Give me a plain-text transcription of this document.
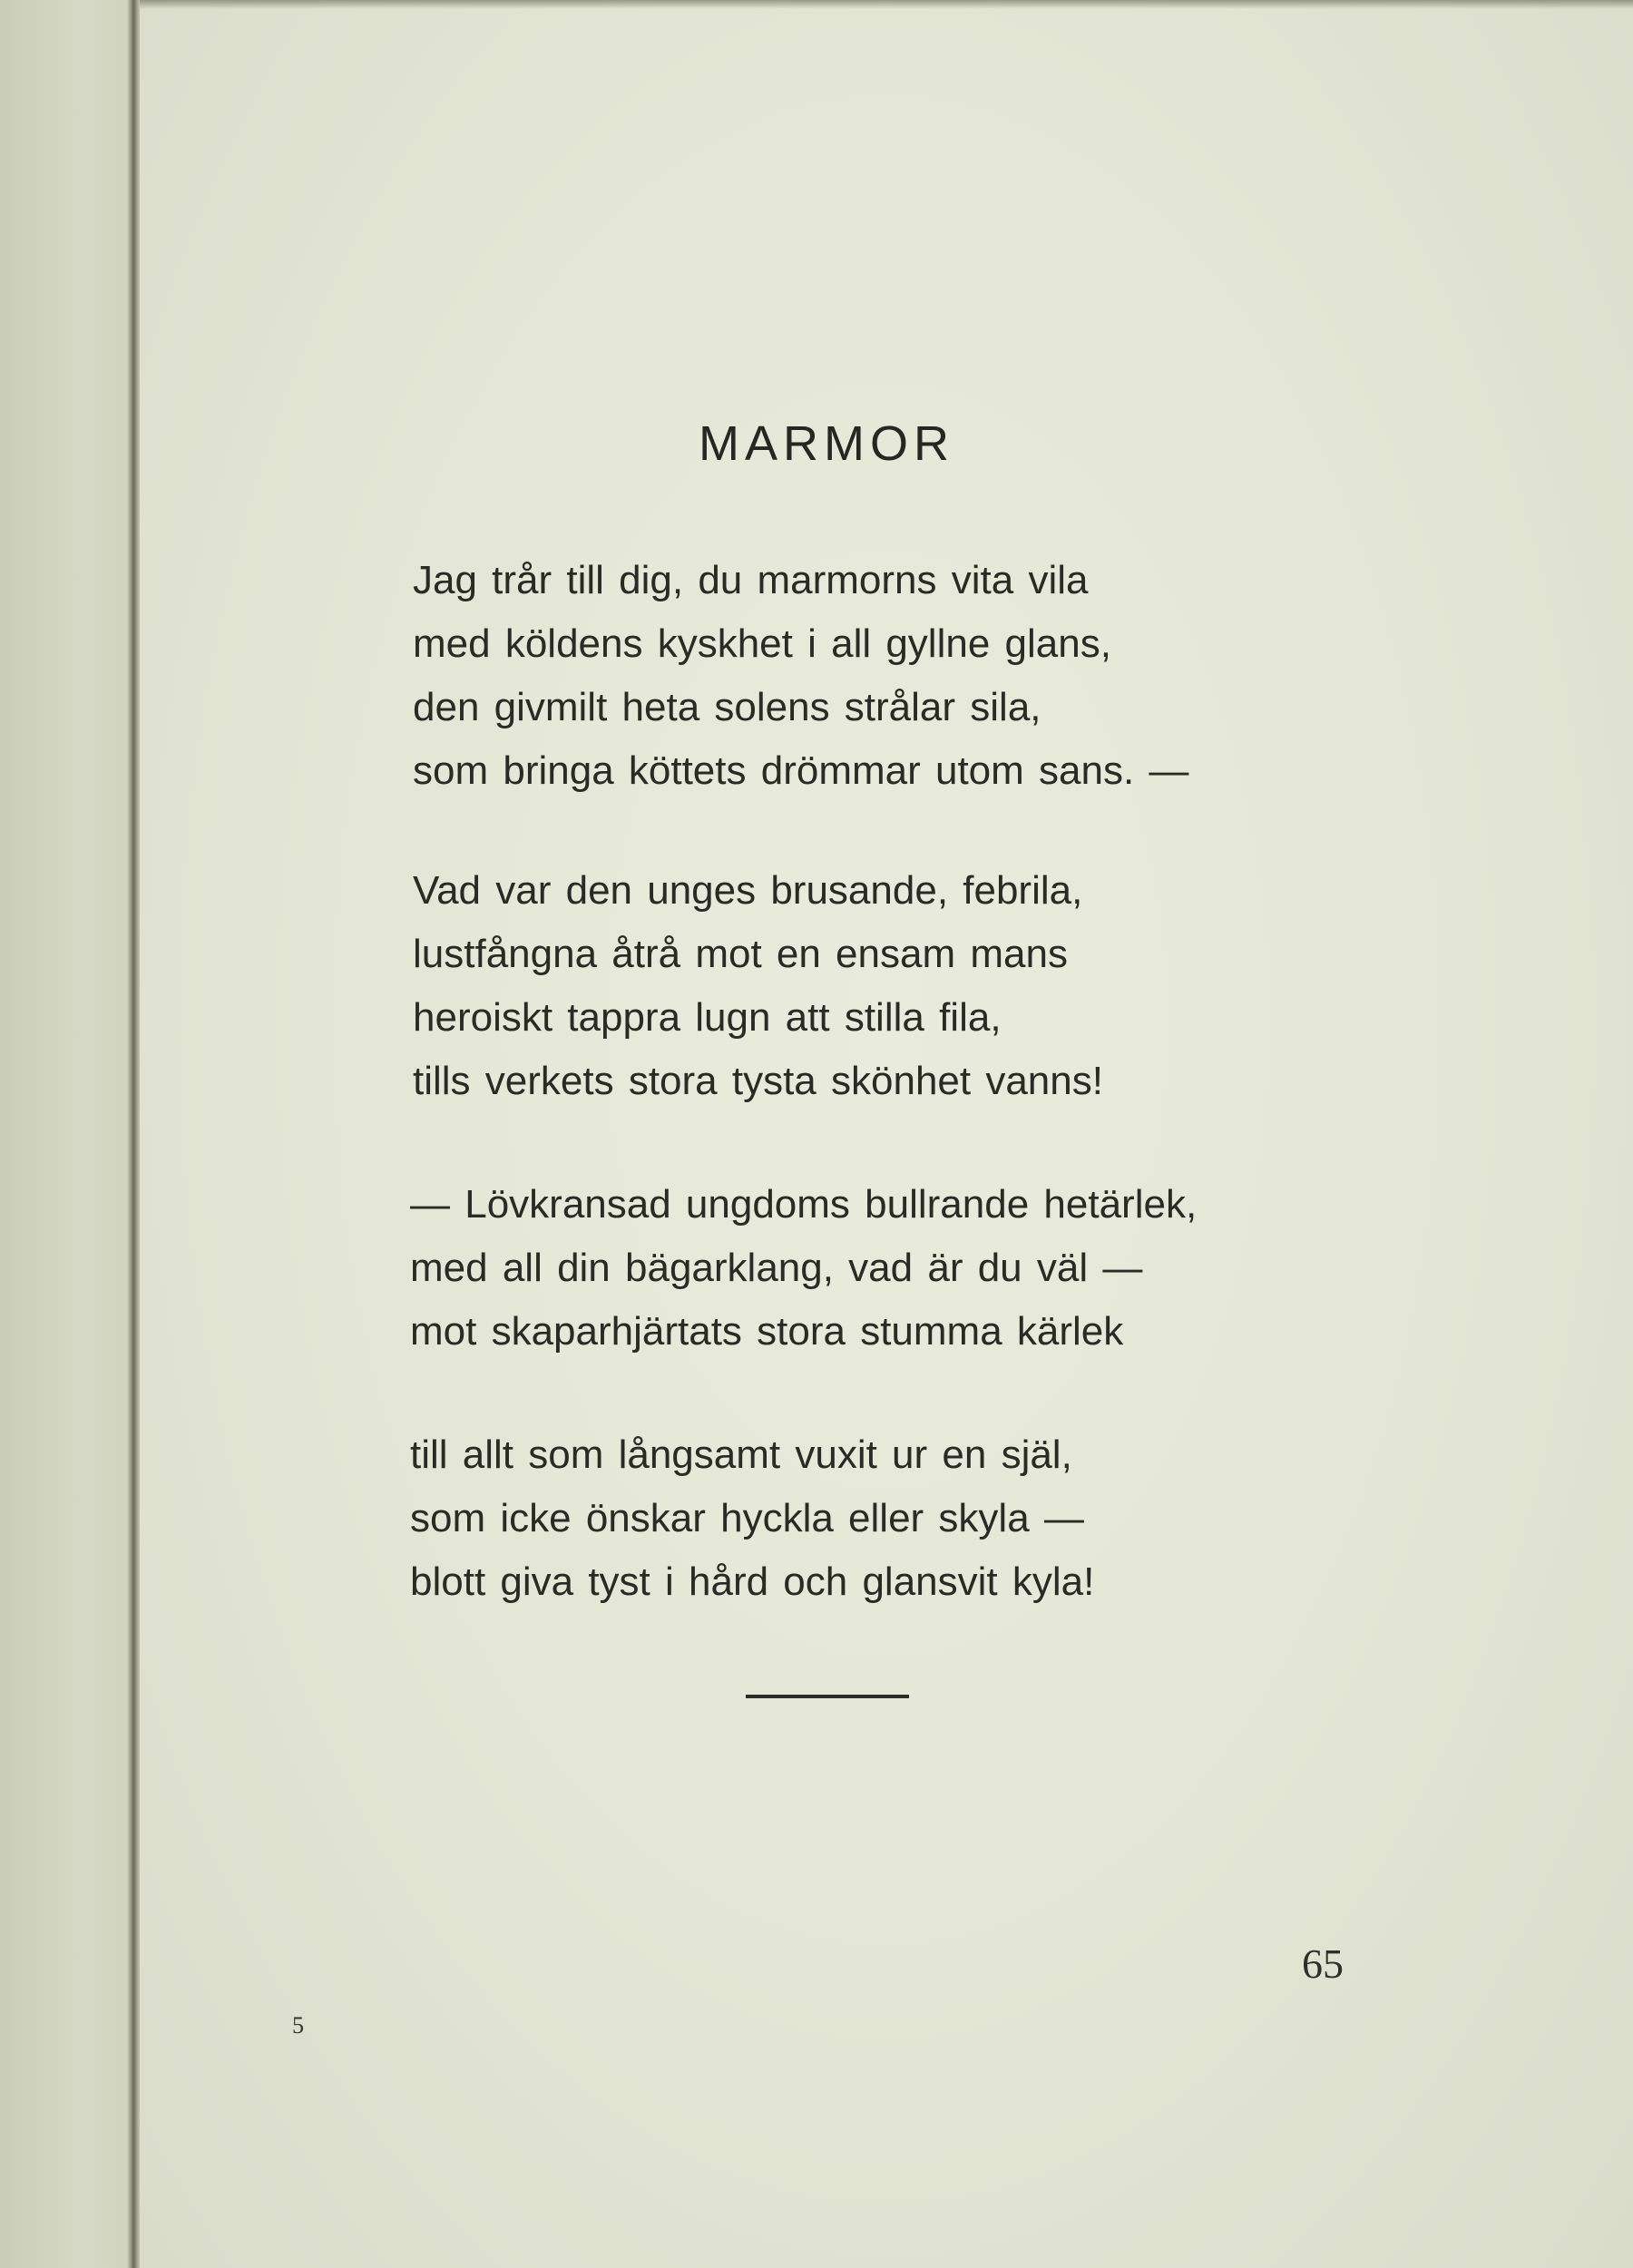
MARMOR
Jag trår till dig, du marmorns vita vila
med köldens kyskhet i all gyllne glans,
den givmilt heta solens strålar sila,
som bringa köttets drömmar utom sans. —
Vad var den unges brusande, febrila,
lustfångna åtrå mot en ensam mans
heroiskt tappra lugn att stilla fila,
tills verkets stora tysta skönhet vanns!
— Lövkransad ungdoms bullrande hetärlek,
med all din bägarklang, vad är du väl —
mot skaparhjärtats stora stumma kärlek
till allt som långsamt vuxit ur en själ,
som icke önskar hyckla eller skyla —
blott giva tyst i hård och glansvit kyla!
65
5
